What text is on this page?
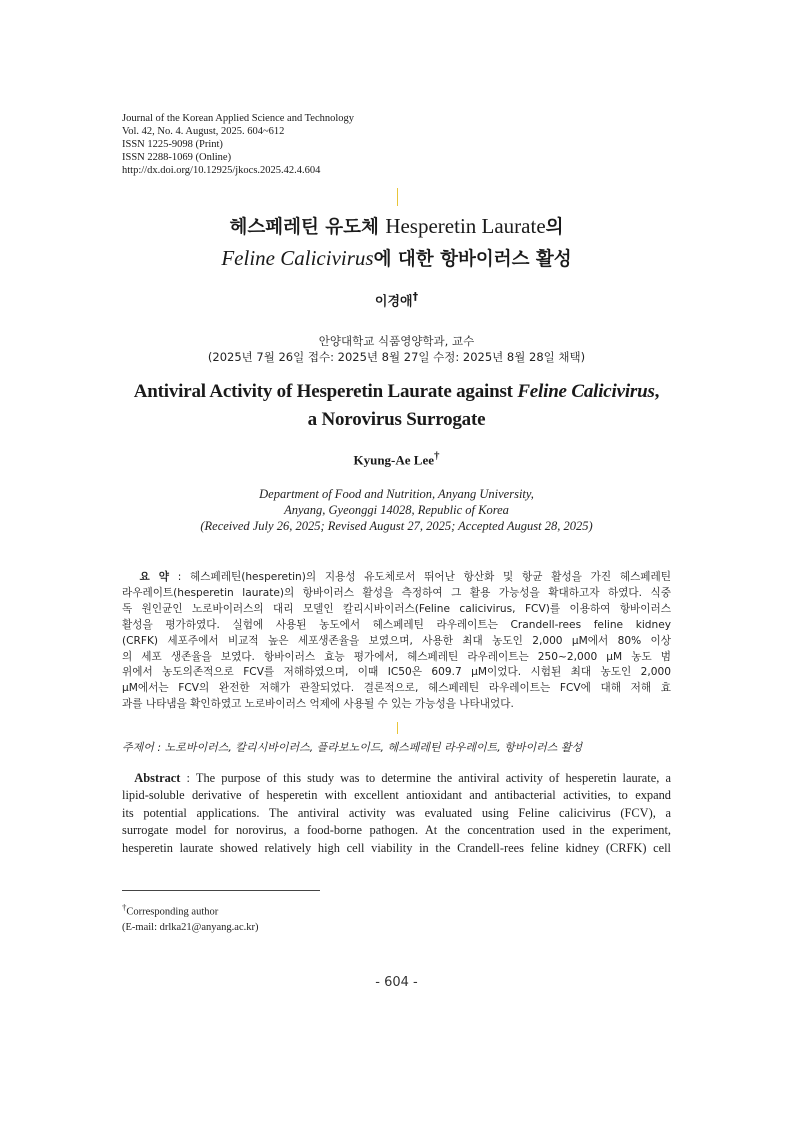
Journal of the Korean Applied Science and Technology
Vol. 42, No. 4. August, 2025. 604~612
ISSN 1225-9098 (Print)
ISSN 2288-1069 (Online)
http://dx.doi.org/10.12925/jkocs.2025.42.4.604
헤스페레틴 유도체 Hesperetin Laurate의
Feline Calicivirus에 대한 항바이러스 활성
이경애†
안양대학교 식품영양학과, 교수
(2025년 7월 26일 접수: 2025년 8월 27일 수정: 2025년 8월 28일 채택)
Antiviral Activity of Hesperetin Laurate against Feline Calicivirus,
a Norovirus Surrogate
Kyung-Ae Lee†
Department of Food and Nutrition, Anyang University,
Anyang, Gyeonggi 14028, Republic of Korea
(Received July 26, 2025; Revised August 27, 2025; Accepted August 28, 2025)
요 약 : 헤스페레틴(hesperetin)의 지용성 유도체로서 뛰어난 항산화 및 항균 활성을 가진 헤스페레틴
라우레이트(hesperetin laurate)의 항바이러스 활성을 측정하여 그 활용 가능성을 확대하고자 하였다. 식중
독 원인균인 노로바이러스의 대리 모델인 칼리시바이러스(Feline calicivirus, FCV)를 이용하여 항바이러스
활성을 평가하였다. 실험에 사용된 농도에서 헤스페레틴 라우레이트는 Crandell-rees feline kidney
(CRFK) 세포주에서 비교적 높은 세포생존율을 보였으며, 사용한 최대 농도인 2,000 μM에서 80% 이상
의 세포 생존율을 보였다. 항바이러스 효능 평가에서, 헤스페레틴 라우레이트는 250~2,000 μM 농도 범
위에서 농도의존적으로 FCV를 저해하였으며, 이때 IC50은 609.7 μM이었다. 시험된 최대 농도인 2,000
μM에서는 FCV의 완전한 저해가 관찰되었다. 결론적으로, 헤스페레틴 라우레이트는 FCV에 대해 저해 효
과를 나타냄을 확인하였고 노로바이러스 억제에 사용될 수 있는 가능성을 나타내었다.
주제어 : 노로바이러스, 칼리시바이러스, 플라보노이드, 헤스페레틴 라우레이트, 항바이러스 활성
Abstract : The purpose of this study was to determine the antiviral activity of hesperetin laurate, a
lipid-soluble derivative of hesperetin with excellent antioxidant and antibacterial activities, to expand
its potential applications. The antiviral activity was evaluated using Feline calicivirus (FCV), a
surrogate model for norovirus, a food-borne pathogen. At the concentration used in the experiment,
hesperetin laurate showed relatively high cell viability in the Crandell-rees feline kidney (CRFK) cell
†Corresponding author
(E-mail: drlka21@anyang.ac.kr)
- 604 -
